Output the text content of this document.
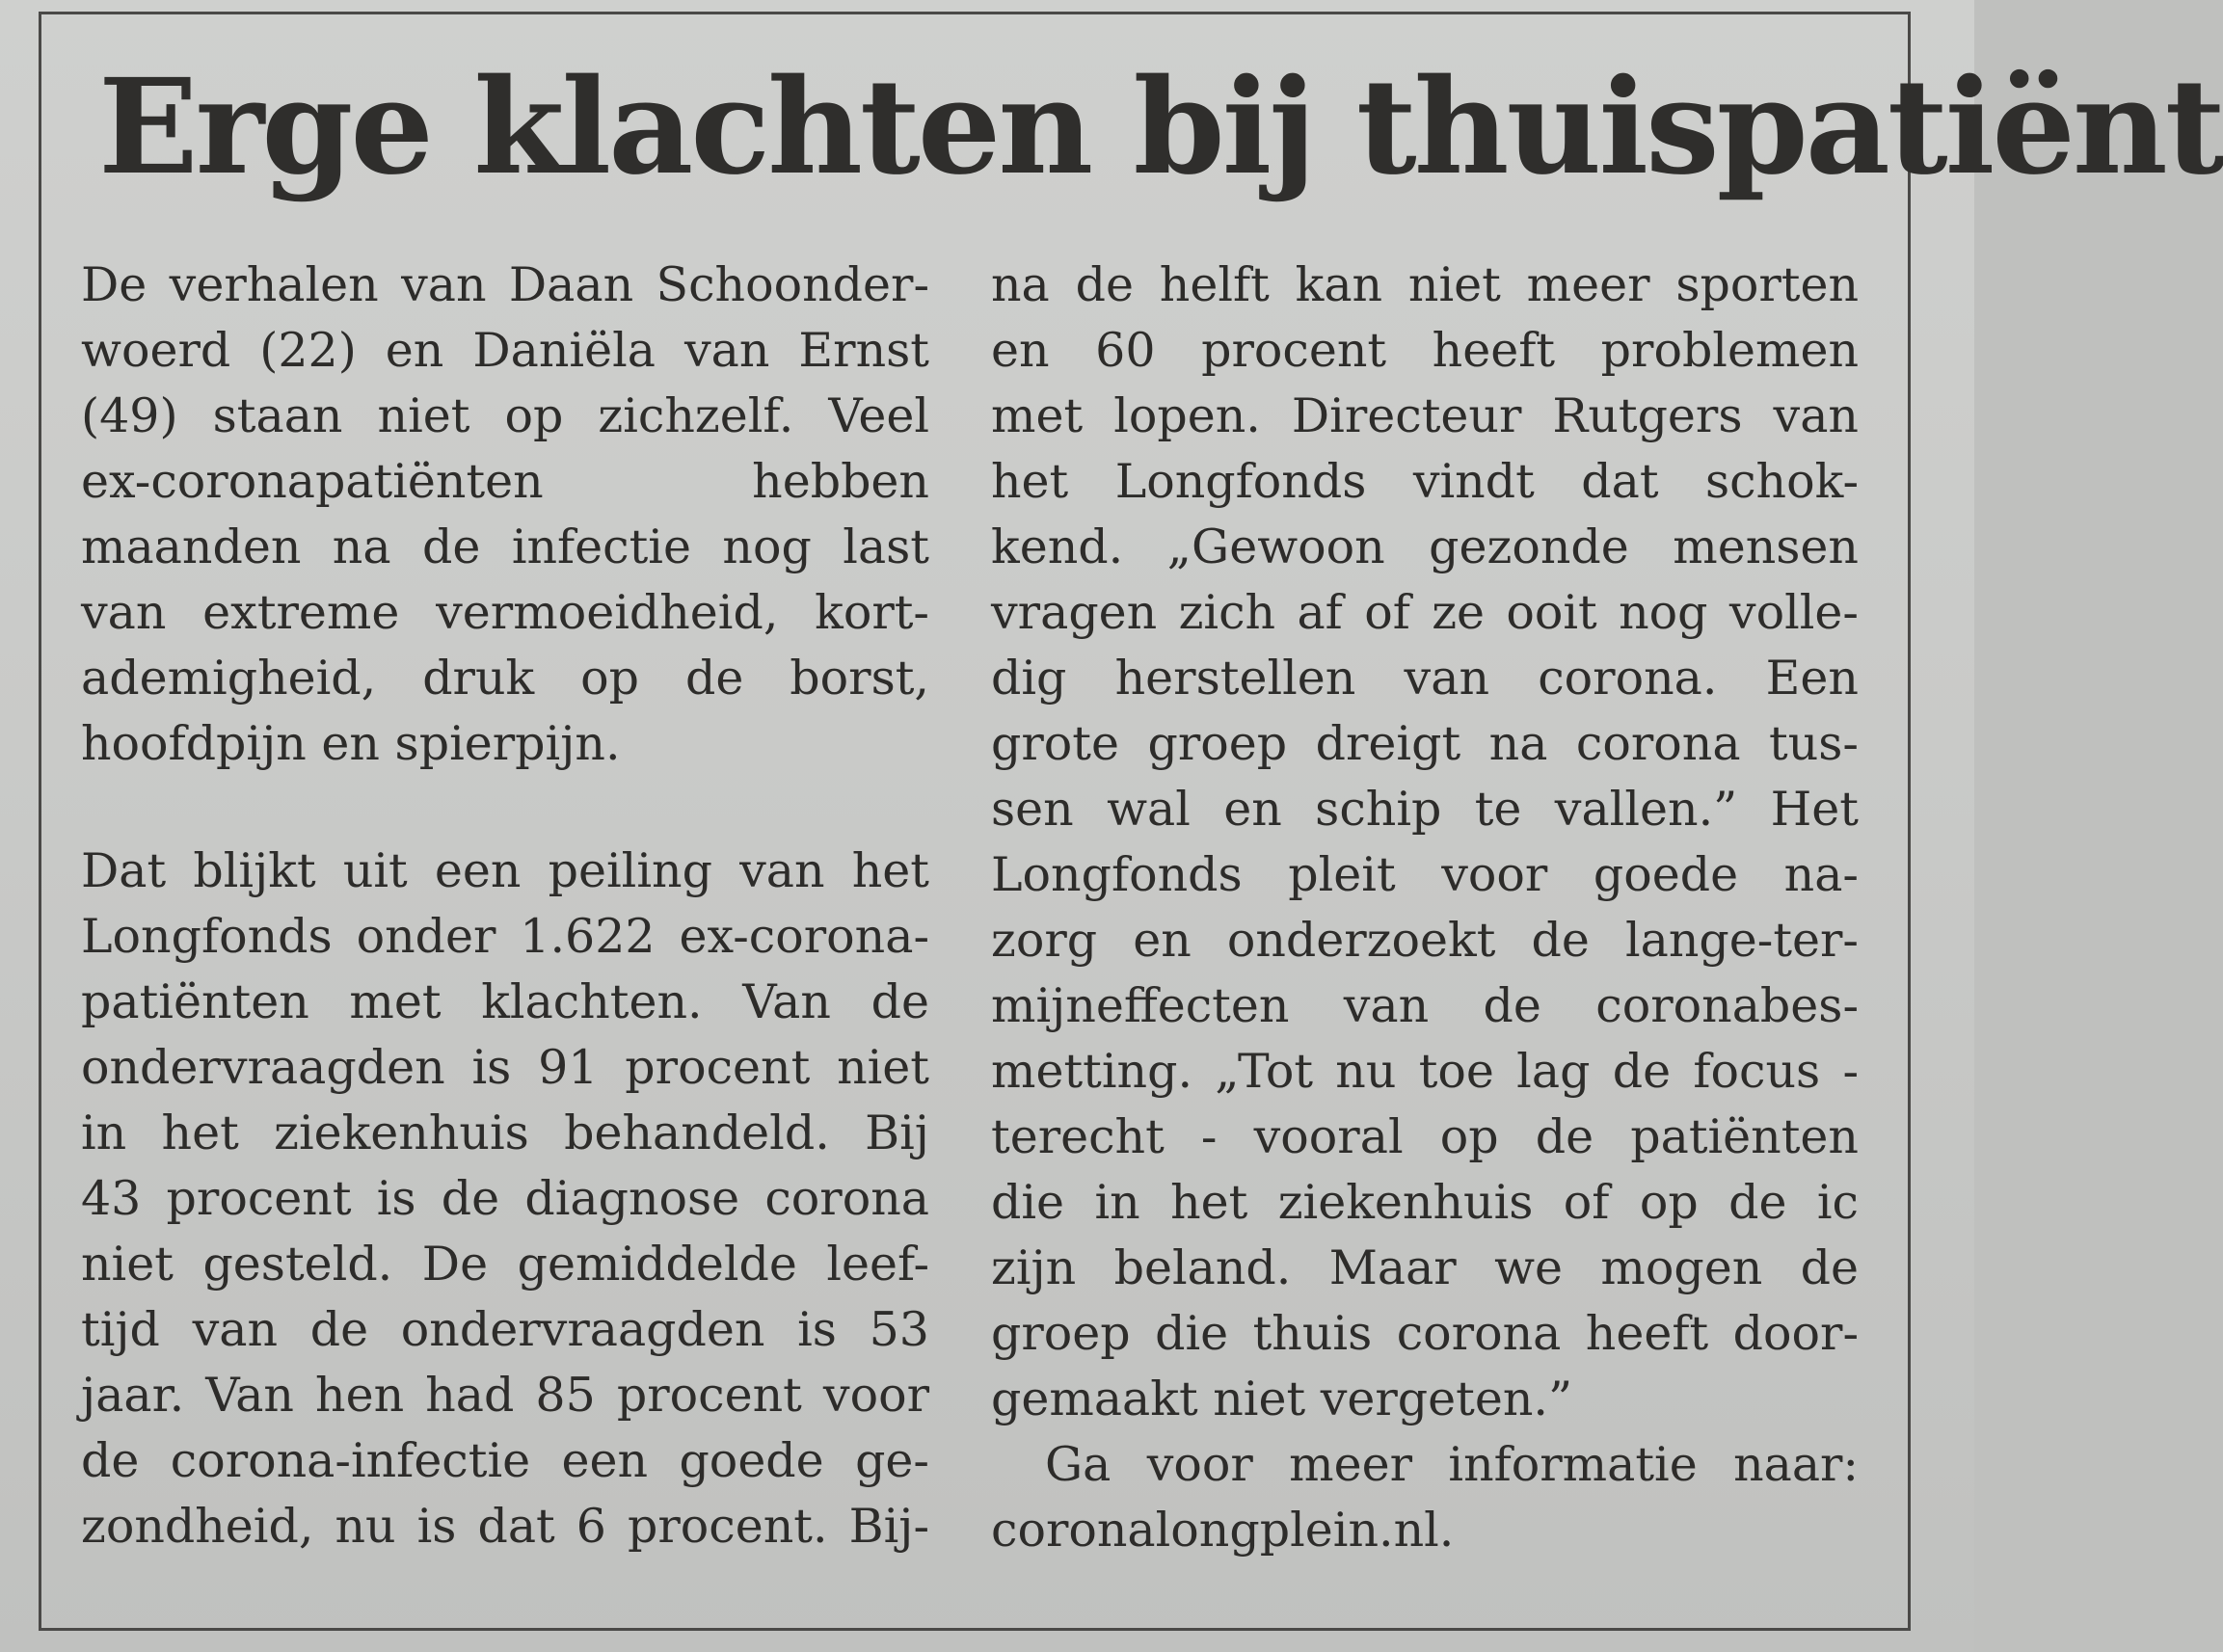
Erge klachten bij thuispatiënt
De verhalen van Daan Schoonder-
woerd (22) en Daniëla van Ernst
(49) staan niet op zichzelf. Veel
ex-coronapatiënten hebben
maanden na de infectie nog last
van extreme vermoeidheid, kort-
ademigheid, druk op de borst,
hoofdpijn en spierpijn.
Dat blijkt uit een peiling van het
Longfonds onder 1.622 ex-corona-
patiënten met klachten. Van de
ondervraagden is 91 procent niet
in het ziekenhuis behandeld. Bij
43 procent is de diagnose corona
niet gesteld. De gemiddelde leef-
tijd van de ondervraagden is 53
jaar. Van hen had 85 procent voor
de corona-infectie een goede ge-
zondheid, nu is dat 6 procent. Bij-
na de helft kan niet meer sporten
en 60 procent heeft problemen
met lopen. Directeur Rutgers van
het Longfonds vindt dat schok-
kend. „Gewoon gezonde mensen
vragen zich af of ze ooit nog volle-
dig herstellen van corona. Een
grote groep dreigt na corona tus-
sen wal en schip te vallen.” Het
Longfonds pleit voor goede na-
zorg en onderzoekt de lange-ter-
mijneffecten van de coronabes-
metting. „Tot nu toe lag de focus -
terecht - vooral op de patiënten
die in het ziekenhuis of op de ic
zijn beland. Maar we mogen de
groep die thuis corona heeft door-
gemaakt niet vergeten.”
Ga voor meer informatie naar:
coronalongplein.nl.
